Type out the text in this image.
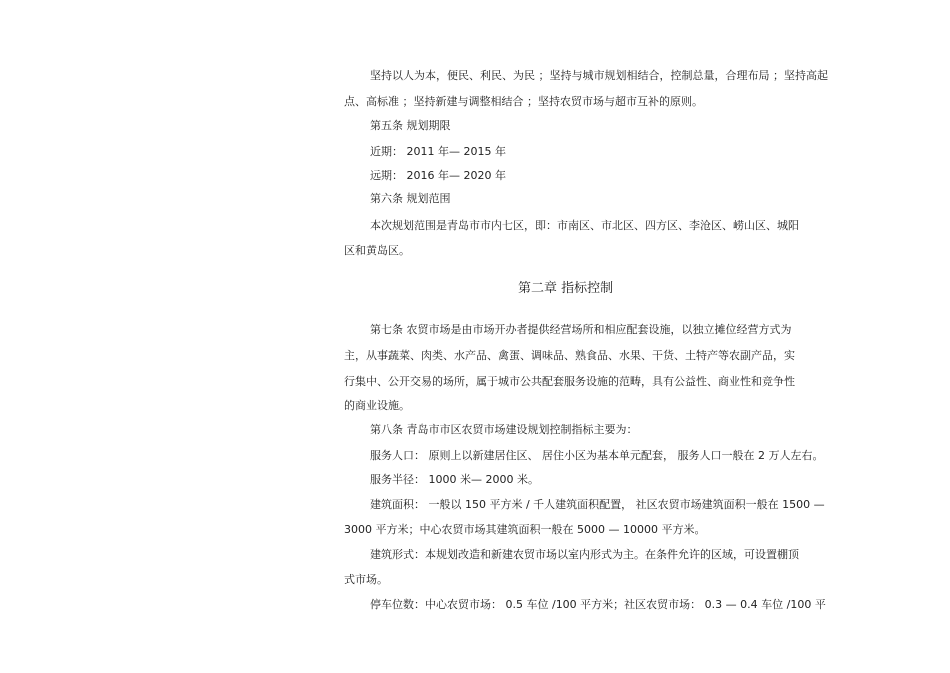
坚持以人为本，便民、利民、为民 ；坚持与城市规划相结合，控制总量，合理布局 ；坚持高起
点、高标准 ；坚持新建与调整相结合 ；坚持农贸市场与超市互补的原则。
第五条 规划期限
近期： 2011 年— 2015 年
远期： 2016 年— 2020 年
第六条 规划范围
本次规划范围是青岛市市内七区，即：市南区、市北区、四方区、李沧区、崂山区、城阳
区和黄岛区。
第二章 指标控制
第七条 农贸市场是由市场开办者提供经营场所和相应配套设施，以独立摊位经营方式为
主，从事蔬菜、肉类、水产品、禽蛋、调味品、熟食品、水果、干货、土特产等农副产品，实
行集中、公开交易的场所，属于城市公共配套服务设施的范畴，具有公益性、商业性和竞争性
的商业设施。
第八条 青岛市市区农贸市场建设规划控制指标主要为：
服务人口： 原则上以新建居住区、 居住小区为基本单元配套， 服务人口一般在 2 万人左右。
服务半径： 1000 米— 2000 米。
建筑面积： 一般以 150 平方米 / 千人建筑面积配置， 社区农贸市场建筑面积一般在 1500 —
3000 平方米；中心农贸市场其建筑面积一般在 5000 — 10000 平方米。
建筑形式：本规划改造和新建农贸市场以室内形式为主。在条件允许的区域，可设置棚顶
式市场。
停车位数：中心农贸市场： 0.5 车位 /100 平方米；社区农贸市场： 0.3 — 0.4 车位 /100 平
